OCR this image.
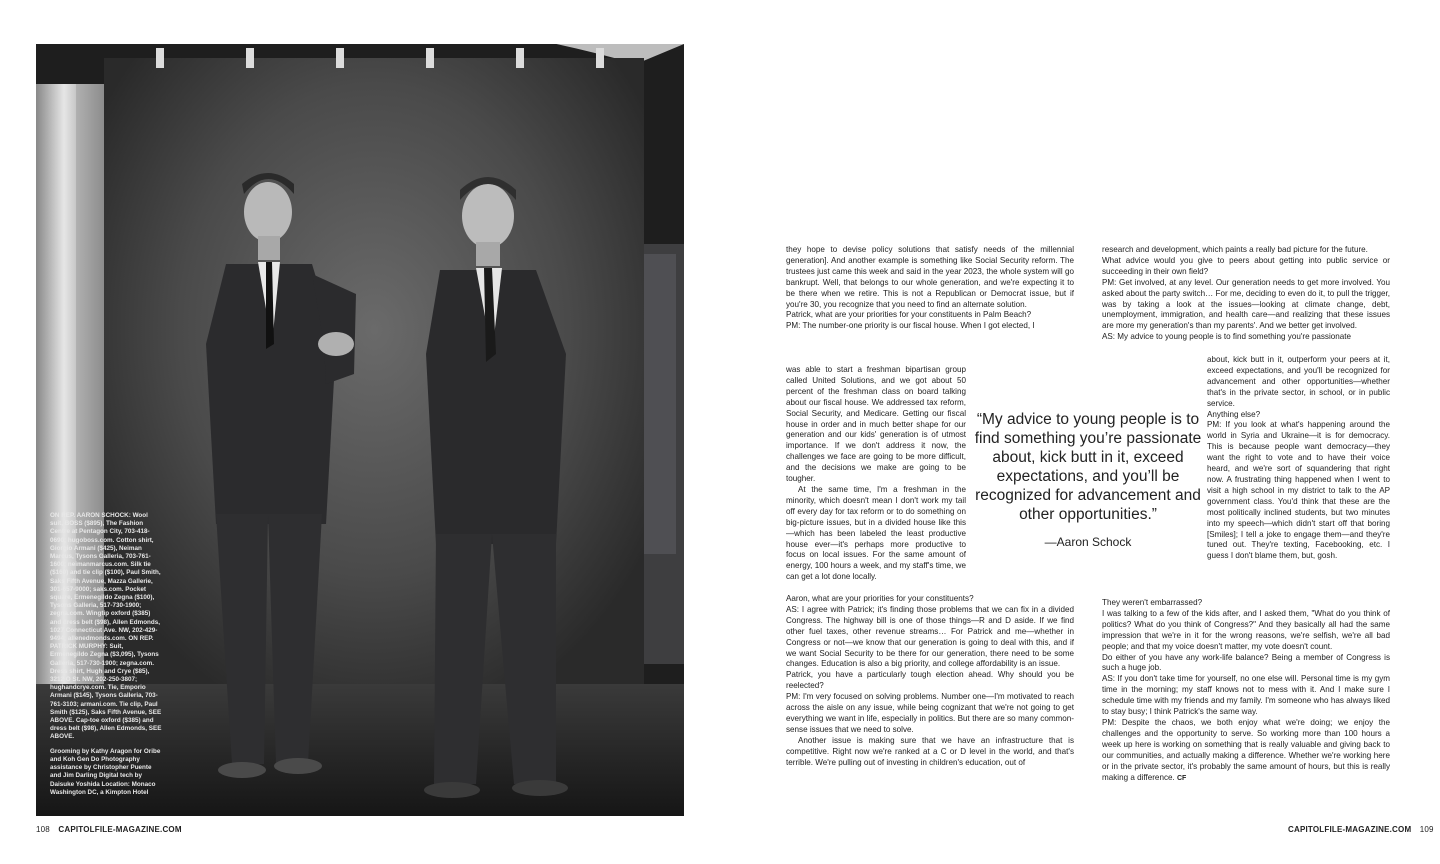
ON REP. AARON SCHOCK: Wool suit, BOSS ($895), The Fashion Centre at Pentagon City, 703-418-0690; hugoboss.com. Cotton shirt, Giorgio Armani ($425), Neiman Marcus, Tysons Galleria, 703-761-1600; neimanmarcus.com. Silk tie ($160) and tie clip ($100), Paul Smith, Saks Fifth Avenue, Mazza Gallerie, 301-657-9000; saks.com. Pocket square, Ermenegildo Zegna ($100), Tysons Galleria, 517-730-1900; zegna.com. Wingtip oxford ($385) and dress belt ($98), Allen Edmonds, 1027 Connecticut Ave. NW, 202-429-9494; allenedmonds.com. ON REP. PATRICK MURPHY: Suit, Ermenegildo Zegna ($3,095), Tysons Galleria, 517-730-1900; zegna.com. Dress shirt, Hugh and Crye ($85), 3212 O St. NW, 202-250-3807; hughandcrye.com. Tie, Emporio Armani ($145), Tysons Galleria, 703-761-3103; armani.com. Tie clip, Paul Smith ($125), Saks Fifth Avenue, SEE ABOVE. Cap-toe oxford ($385) and dress belt ($98), Allen Edmonds, SEE ABOVE.

Grooming by Kathy Aragon for Oribe and Koh Gen Do Photography assistance by Christopher Puente and Jim Darling Digital tech by Daisuke Yoshida Location: Monaco Washington DC, a Kimpton Hotel

108 CAPITOLFILE-MAGAZINE.COM	CAPITOLFILE-MAGAZINE.COM 109

they hope to devise policy solutions that satisfy needs of the millennial generation]. And another example is something like Social Security reform. The trustees just came this week and said in the year 2023, the whole system will go bankrupt. Well, that belongs to our whole generation, and we're expecting it to be there when we retire. This is not a Republican or Democrat issue, but if you're 30, you recognize that you need to find an alternate solution.

Patrick, what are your priorities for your constituents in Palm Beach?

PM: The number-one priority is our fiscal house. When I got elected, I

was able to start a freshman bipartisan group called United Solutions, and we got about 50 percent of the freshman class on board talking about our fiscal house. We addressed tax reform, Social Security, and Medicare. Getting our fiscal house in order and in much better shape for our generation and our kids' generation is of utmost importance. If we don't address it now, the challenges we face are going to be more difficult, and the decisions we make are going to be tougher.

At the same time, I'm a freshman in the minority, which doesn't mean I don't work my tail off every day for tax reform or to do something on big-picture issues, but in a divided house like this—which has been labeled the least productive house ever—it's perhaps more productive to focus on local issues. For the same amount of energy, 100 hours a week, and my staff's time, we can get a lot done locally.

Aaron, what are your priorities for your constituents?

AS: I agree with Patrick; it's finding those problems that we can fix in a divided Congress. The highway bill is one of those things—R and D aside. If we find other fuel taxes, other revenue streams… For Patrick and me—whether in Congress or not—we know that our generation is going to deal with this, and if we want Social Security to be there for our generation, there need to be some changes. Education is also a big priority, and college affordability is an issue.

Patrick, you have a particularly tough election ahead. Why should you be reelected?

PM: I'm very focused on solving problems. Number one—I'm motivated to reach across the aisle on any issue, while being cognizant that we're not going to get everything we want in life, especially in politics. But there are so many common-sense issues that we need to solve.

Another issue is making sure that we have an infrastructure that is competitive. Right now we're ranked at a C or D level in the world, and that's terrible. We're pulling out of investing in children's education, out of

“My advice to young people is to find something you’re passionate about, kick butt in it, exceed expectations, and you’ll be recognized for advancement and other opportunities.”
—Aaron Schock

research and development, which paints a really bad picture for the future.

What advice would you give to peers about getting into public service or succeeding in their own field?

PM: Get involved, at any level. Our generation needs to get more involved. You asked about the party switch… For me, deciding to even do it, to pull the trigger, was by taking a look at the issues—looking at climate change, debt, unemployment, immigration, and health care—and realizing that these issues are more my generation's than my parents'. And we better get involved.

AS: My advice to young people is to find something you're passionate

about, kick butt in it, outperform your peers at it, exceed expectations, and you'll be recognized for advancement and other opportunities—whether that's in the private sector, in school, or in public service.

Anything else?

PM: If you look at what's happening around the world in Syria and Ukraine—it is for democracy. This is because people want democracy—they want the right to vote and to have their voice heard, and we're sort of squandering that right now. A frustrating thing happened when I went to visit a high school in my district to talk to the AP government class. You'd think that these are the most politically inclined students, but two minutes into my speech—which didn't start off that boring [Smiles]; I tell a joke to engage them—and they're tuned out. They're texting, Facebooking, etc. I guess I don't blame them, but, gosh.

They weren't embarrassed?

I was talking to a few of the kids after, and I asked them, "What do you think of politics? What do you think of Congress?" And they basically all had the same impression that we're in it for the wrong reasons, we're selfish, we're all bad people; and that my voice doesn't matter, my vote doesn't count.

Do either of you have any work-life balance? Being a member of Congress is such a huge job.

AS: If you don't take time for yourself, no one else will. Personal time is my gym time in the morning; my staff knows not to mess with it. And I make sure I schedule time with my friends and my family. I'm someone who has always liked to stay busy; I think Patrick's the same way.

PM: Despite the chaos, we both enjoy what we're doing; we enjoy the challenges and the opportunity to serve. So working more than 100 hours a week up here is working on something that is really valuable and giving back to our communities, and actually making a difference. Whether we're working here or in the private sector, it's probably the same amount of hours, but this is really making a difference. CF
